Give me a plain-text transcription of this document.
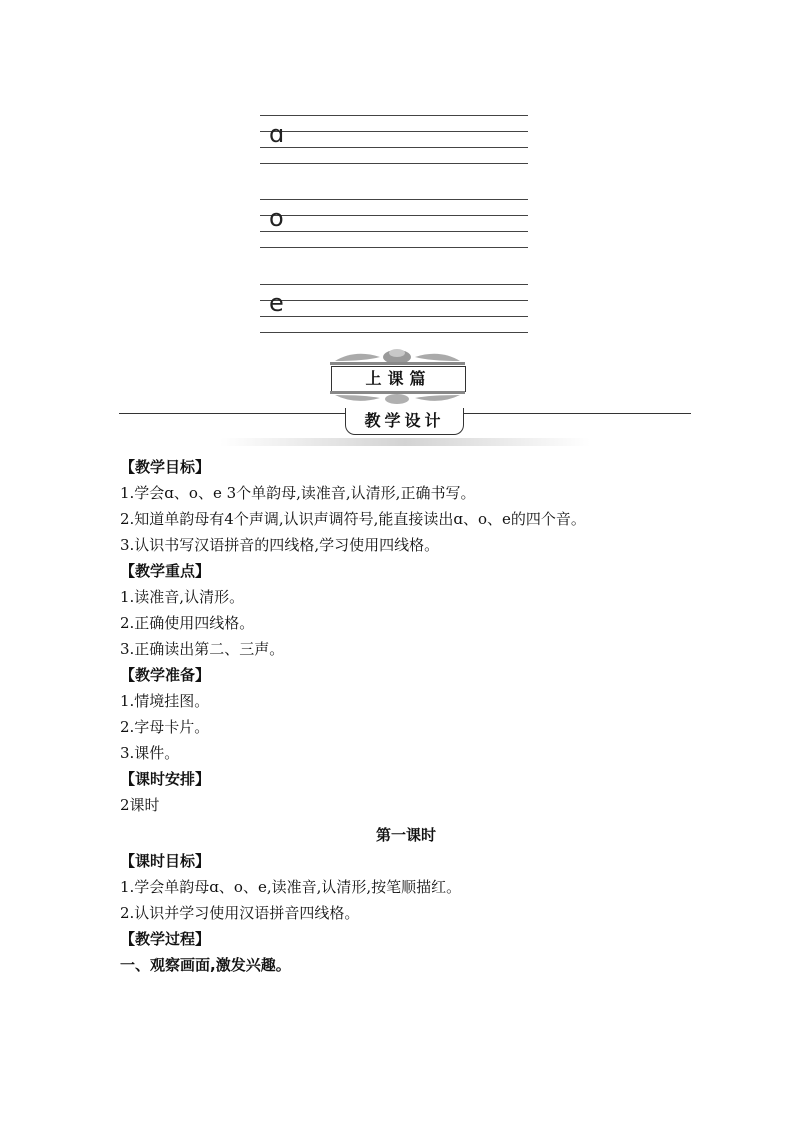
ɑ
o
e
上课篇
教学设计
【教学目标】
1.学会ɑ、o、e 3个单韵母,读准音,认清形,正确书写。
2.知道单韵母有4个声调,认识声调符号,能直接读出ɑ、o、e的四个音。
3.认识书写汉语拼音的四线格,学习使用四线格。
【教学重点】
1.读准音,认清形。
2.正确使用四线格。
3.正确读出第二、三声。
【教学准备】
1.情境挂图。
2.字母卡片。
3.课件。
【课时安排】
2课时
第一课时
【课时目标】
1.学会单韵母ɑ、o、e,读准音,认清形,按笔顺描红。
2.认识并学习使用汉语拼音四线格。
【教学过程】
一、观察画面,激发兴趣。
